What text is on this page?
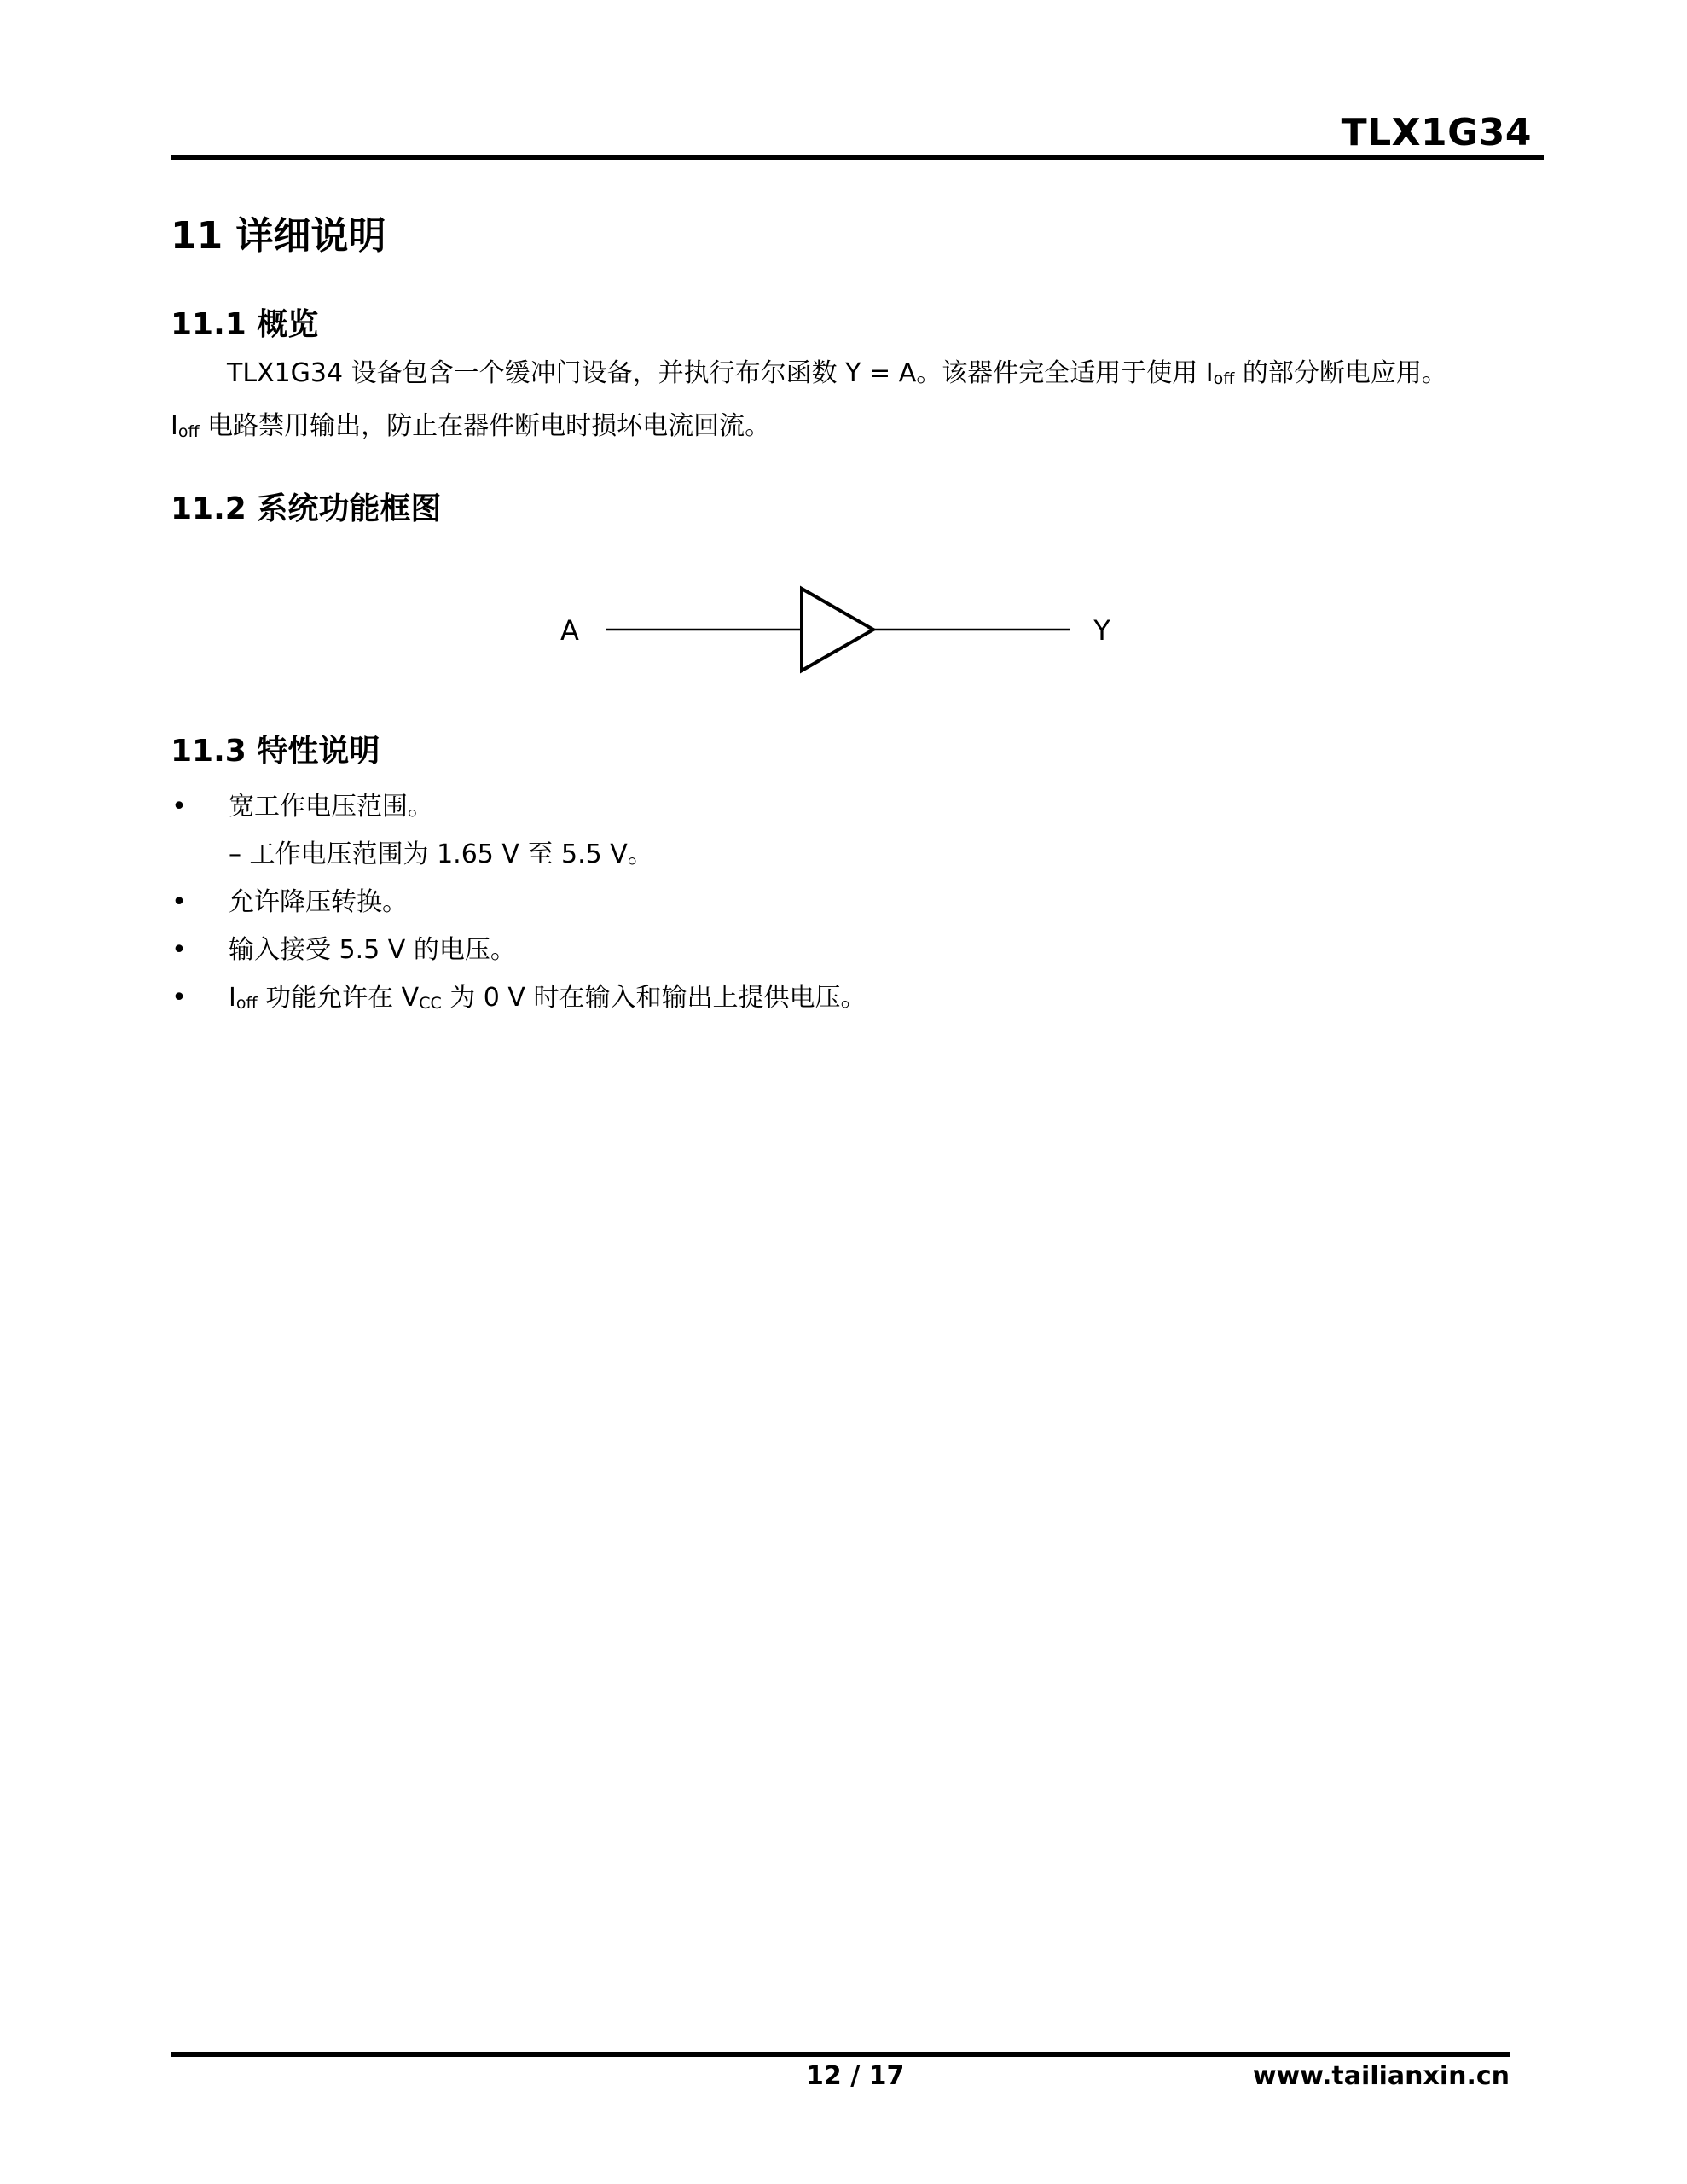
TLX1G34
11 详细说明
11.1 概览
TLX1G34 设备包含一个缓冲门设备，并执行布尔函数 Y = A。该器件完全适用于使用 Ioff 的部分断电应用。
Ioff 电路禁用输出，防止在器件断电时损坏电流回流。
11.2 系统功能框图
A	Y
11.3 特性说明
• 宽工作电压范围。
– 工作电压范围为 1.65 V 至 5.5 V。
• 允许降压转换。
• 输入接受 5.5 V 的电压。
• Ioff 功能允许在 VCC 为 0 V 时在输入和输出上提供电压。
12 / 17	www.tailianxin.cn
